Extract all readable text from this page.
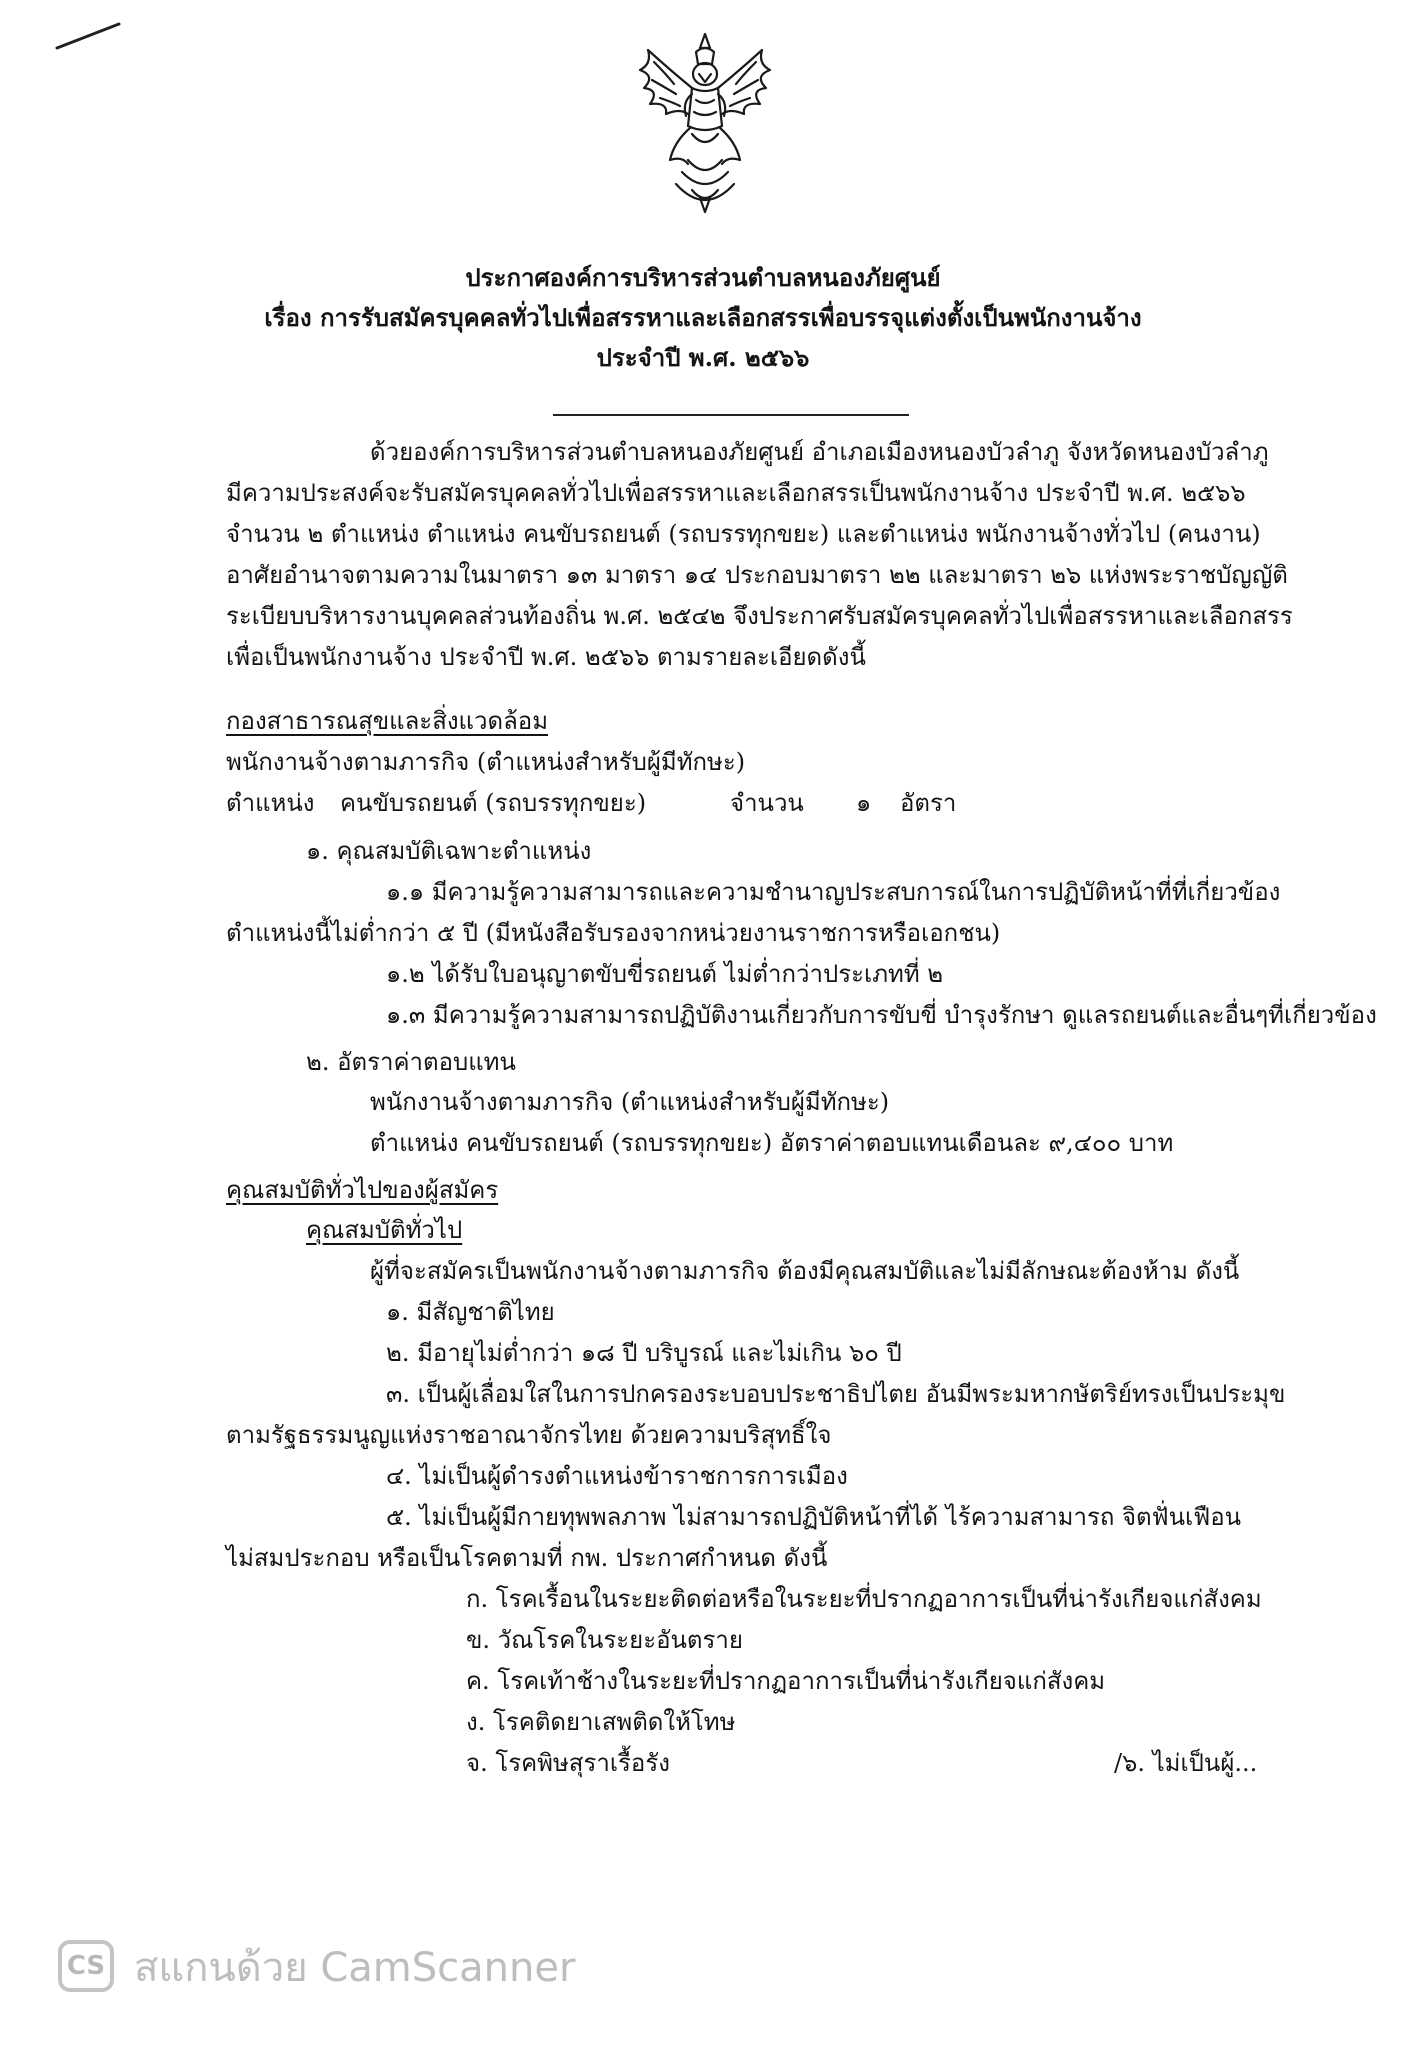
ประกาศองค์การบริหารส่วนตำบลหนองภัยศูนย์
เรื่อง การรับสมัครบุคคลทั่วไปเพื่อสรรหาและเลือกสรรเพื่อบรรจุแต่งตั้งเป็นพนักงานจ้าง
ประจำปี พ.ศ. ๒๕๖๖
ด้วยองค์การบริหารส่วนตำบลหนองภัยศูนย์ อำเภอเมืองหนองบัวลำภู จังหวัดหนองบัวลำภู
มีความประสงค์จะรับสมัครบุคคลทั่วไปเพื่อสรรหาและเลือกสรรเป็นพนักงานจ้าง ประจำปี พ.ศ. ๒๕๖๖
จำนวน ๒ ตำแหน่ง ตำแหน่ง คนขับรถยนต์ (รถบรรทุกขยะ) และตำแหน่ง พนักงานจ้างทั่วไป (คนงาน)
อาศัยอำนาจตามความในมาตรา ๑๓ มาตรา ๑๔ ประกอบมาตรา ๒๒ และมาตรา ๒๖ แห่งพระราชบัญญัติ
ระเบียบบริหารงานบุคคลส่วนท้องถิ่น พ.ศ. ๒๕๔๒ จึงประกาศรับสมัครบุคคลทั่วไปเพื่อสรรหาและเลือกสรร
เพื่อเป็นพนักงานจ้าง ประจำปี พ.ศ. ๒๕๖๖ ตามรายละเอียดดังนี้
กองสาธารณสุขและสิ่งแวดล้อม
พนักงานจ้างตามภารกิจ (ตำแหน่งสำหรับผู้มีทักษะ)
ตำแหน่ง คนขับรถยนต์ (รถบรรทุกขยะ)	จำนวน ๑ อัตรา
๑. คุณสมบัติเฉพาะตำแหน่ง
๑.๑ มีความรู้ความสามารถและความชำนาญประสบการณ์ในการปฏิบัติหน้าที่ที่เกี่ยวข้อง
ตำแหน่งนี้ไม่ต่ำกว่า ๕ ปี (มีหนังสือรับรองจากหน่วยงานราชการหรือเอกชน)
๑.๒ ได้รับใบอนุญาตขับขี่รถยนต์ ไม่ต่ำกว่าประเภทที่ ๒
๑.๓ มีความรู้ความสามารถปฏิบัติงานเกี่ยวกับการขับขี่ บำรุงรักษา ดูแลรถยนต์และอื่นๆที่เกี่ยวข้อง
๒. อัตราค่าตอบแทน
พนักงานจ้างตามภารกิจ (ตำแหน่งสำหรับผู้มีทักษะ)
ตำแหน่ง คนขับรถยนต์ (รถบรรทุกขยะ) อัตราค่าตอบแทนเดือนละ ๙,๔๐๐ บาท
คุณสมบัติทั่วไปของผู้สมัคร
คุณสมบัติทั่วไป
ผู้ที่จะสมัครเป็นพนักงานจ้างตามภารกิจ ต้องมีคุณสมบัติและไม่มีลักษณะต้องห้าม ดังนี้
๑. มีสัญชาติไทย
๒. มีอายุไม่ต่ำกว่า ๑๘ ปี บริบูรณ์ และไม่เกิน ๖๐ ปี
๓. เป็นผู้เลื่อมใสในการปกครองระบอบประชาธิปไตย อันมีพระมหากษัตริย์ทรงเป็นประมุข
ตามรัฐธรรมนูญแห่งราชอาณาจักรไทย ด้วยความบริสุทธิ์ใจ
๔. ไม่เป็นผู้ดำรงตำแหน่งข้าราชการการเมือง
๕. ไม่เป็นผู้มีกายทุพพลภาพ ไม่สามารถปฏิบัติหน้าที่ได้ ไร้ความสามารถ จิตฟั่นเฟือน
ไม่สมประกอบ หรือเป็นโรคตามที่ กพ. ประกาศกำหนด ดังนี้
ก. โรคเรื้อนในระยะติดต่อหรือในระยะที่ปรากฏอาการเป็นที่น่ารังเกียจแก่สังคม
ข. วัณโรคในระยะอันตราย
ค. โรคเท้าช้างในระยะที่ปรากฏอาการเป็นที่น่ารังเกียจแก่สังคม
ง. โรคติดยาเสพติดให้โทษ
จ. โรคพิษสุราเรื้อรัง	/๖. ไม่เป็นผู้...
CS สแกนด้วย CamScanner
